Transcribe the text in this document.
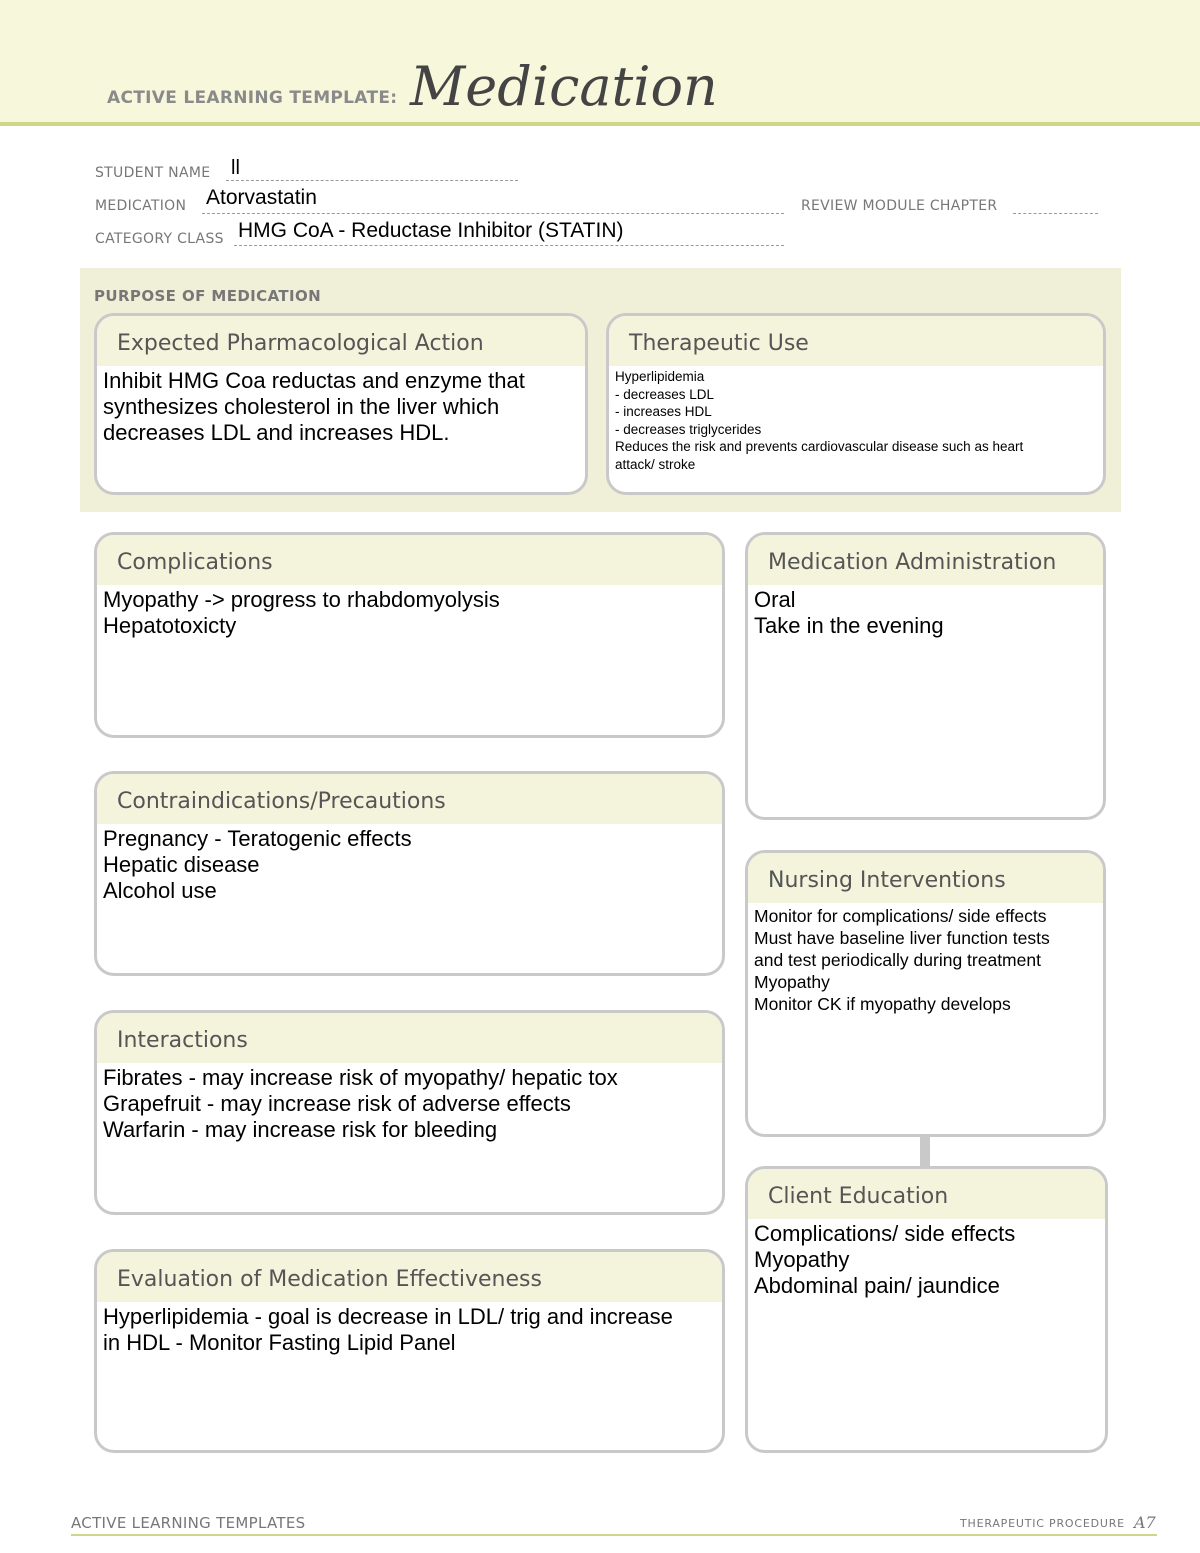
ACTIVE LEARNING TEMPLATE: Medication
STUDENT NAME ll
MEDICATION Atorvastatin	REVIEW MODULE CHAPTER
CATEGORY CLASS HMG CoA - Reductase Inhibitor (STATIN)
PURPOSE OF MEDICATION
Expected Pharmacological Action
Inhibit HMG Coa reductas and enzyme that
synthesizes cholesterol in the liver which
decreases LDL and increases HDL.
Therapeutic Use
Hyperlipidemia
- decreases LDL
- increases HDL
- decreases triglycerides
Reduces the risk and prevents cardiovascular disease such as heart
attack/ stroke
Complications
Myopathy -> progress to rhabdomyolysis
Hepatotoxicty
Contraindications/Precautions
Pregnancy - Teratogenic effects
Hepatic disease
Alcohol use
Interactions
Fibrates - may increase risk of myopathy/ hepatic tox
Grapefruit - may increase risk of adverse effects
Warfarin - may increase risk for bleeding
Evaluation of Medication Effectiveness
Hyperlipidemia - goal is decrease in LDL/ trig and increase
in HDL - Monitor Fasting Lipid Panel
Medication Administration
Oral
Take in the evening
Nursing Interventions
Monitor for complications/ side effects
Must have baseline liver function tests
and test periodically during treatment
Myopathy
Monitor CK if myopathy develops
Client Education
Complications/ side effects
Myopathy
Abdominal pain/ jaundice
ACTIVE LEARNING TEMPLATES	THERAPEUTIC PROCEDURE A7
